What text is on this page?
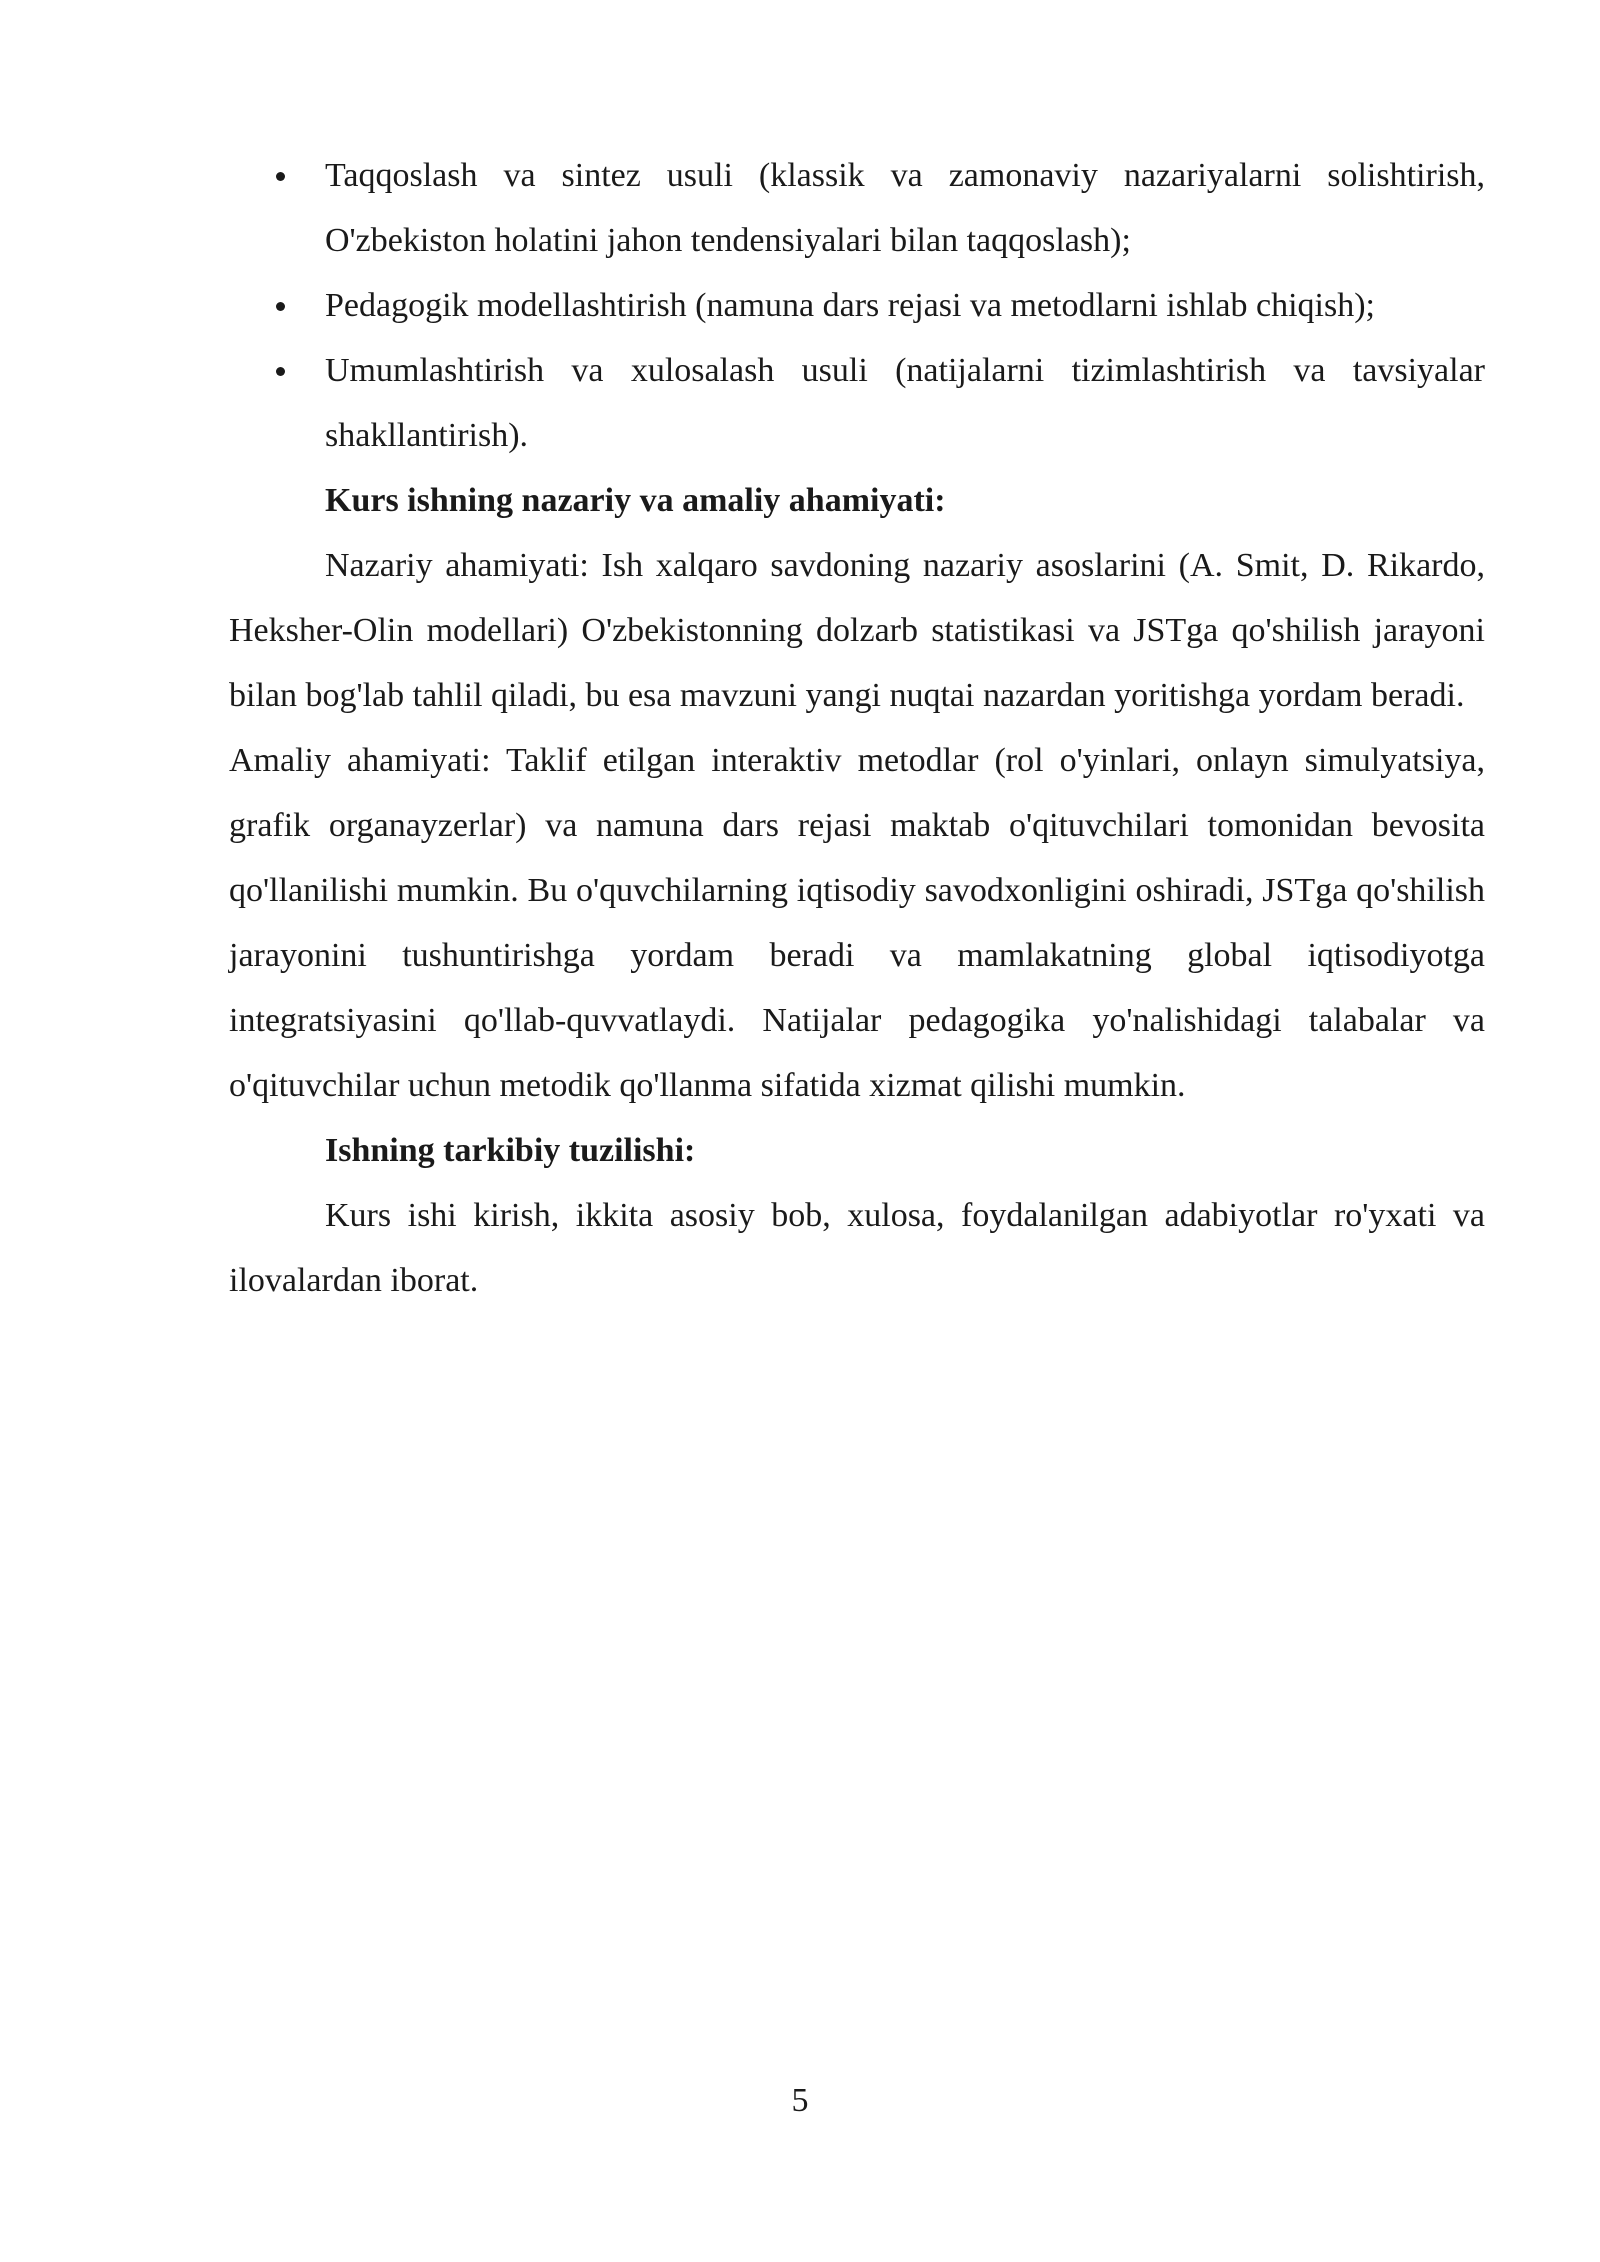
Taqqoslash va sintez usuli (klassik va zamonaviy nazariyalarni solishtirish, O'zbekiston holatini jahon tendensiyalari bilan taqqoslash);
Pedagogik modellashtirish (namuna dars rejasi va metodlarni ishlab chiqish);
Umumlashtirish va xulosalash usuli (natijalarni tizimlashtirish va tavsiyalar shakllantirish).

Kurs ishning nazariy va amaliy ahamiyati:

Nazariy ahamiyati: Ish xalqaro savdoning nazariy asoslarini (A. Smit, D. Rikardo, Heksher-Olin modellari) O'zbekistonning dolzarb statistikasi va JSTga qo'shilish jarayoni bilan bog'lab tahlil qiladi, bu esa mavzuni yangi nuqtai nazardan yoritishga yordam beradi.

Amaliy ahamiyati: Taklif etilgan interaktiv metodlar (rol o'yinlari, onlayn simulyatsiya, grafik organayzerlar) va namuna dars rejasi maktab o'qituvchilari tomonidan bevosita qo'llanilishi mumkin. Bu o'quvchilarning iqtisodiy savodxonligini oshiradi, JSTga qo'shilish jarayonini tushuntirishga yordam beradi va mamlakatning global iqtisodiyotga integratsiyasini qo'llab-quvvatlaydi. Natijalar pedagogika yo'nalishidagi talabalar va o'qituvchilar uchun metodik qo'llanma sifatida xizmat qilishi mumkin.

Ishning tarkibiy tuzilishi:

Kurs ishi kirish, ikkita asosiy bob, xulosa, foydalanilgan adabiyotlar ro'yxati va ilovalardan iborat.

5
